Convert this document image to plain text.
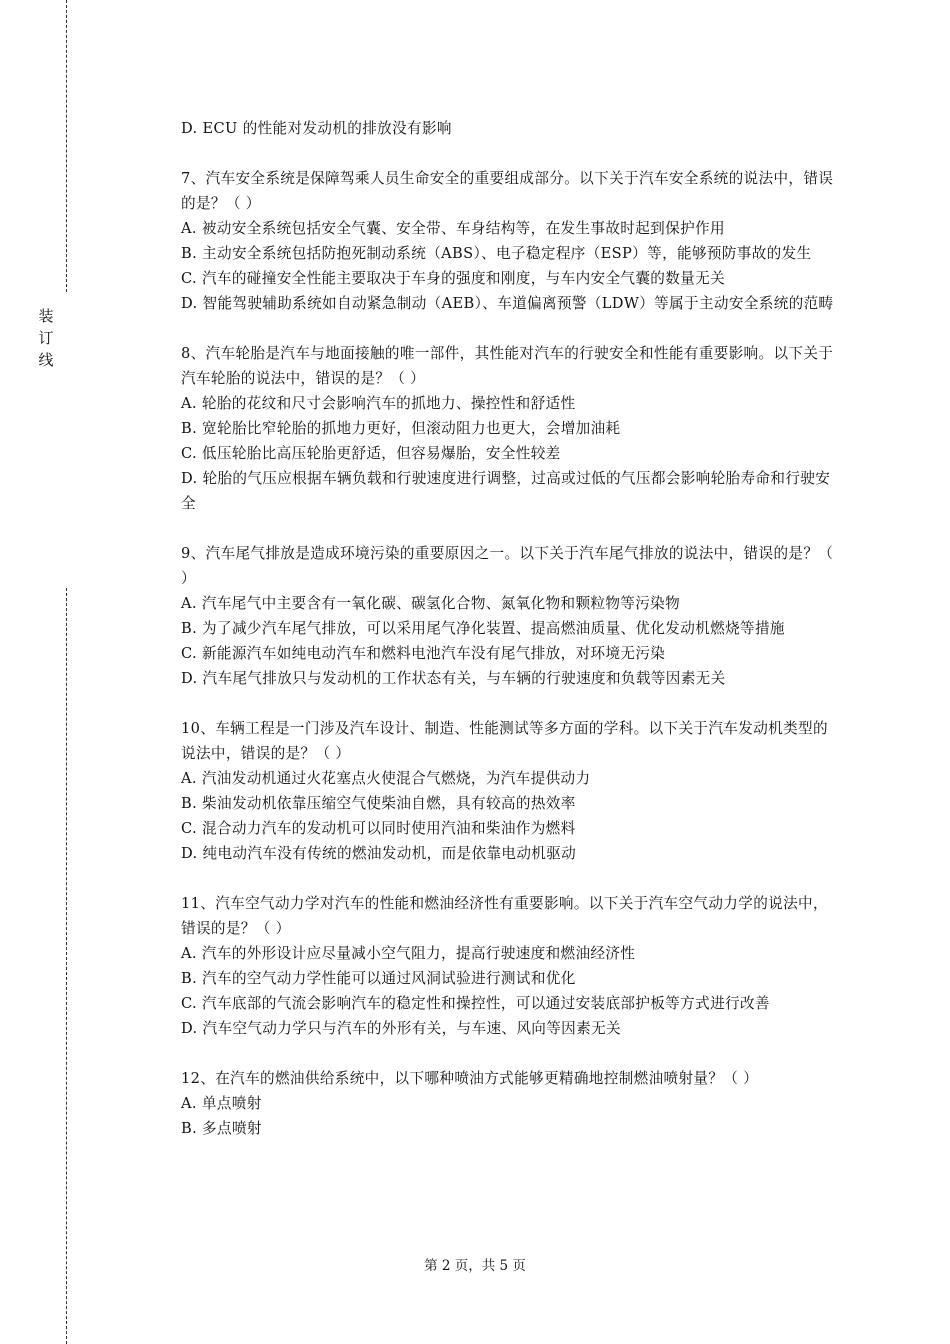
装
订
线
D. ECU 的性能对发动机的排放没有影响
7、汽车安全系统是保障驾乘人员生命安全的重要组成部分。以下关于汽车安全系统的说法中，错误的是？（ ）
A. 被动安全系统包括安全气囊、安全带、车身结构等，在发生事故时起到保护作用
B. 主动安全系统包括防抱死制动系统（ABS）、电子稳定程序（ESP）等，能够预防事故的发生
C. 汽车的碰撞安全性能主要取决于车身的强度和刚度，与车内安全气囊的数量无关
D. 智能驾驶辅助系统如自动紧急制动（AEB）、车道偏离预警（LDW）等属于主动安全系统的范畴
8、汽车轮胎是汽车与地面接触的唯一部件，其性能对汽车的行驶安全和性能有重要影响。以下关于汽车轮胎的说法中，错误的是？（ ）
A. 轮胎的花纹和尺寸会影响汽车的抓地力、操控性和舒适性
B. 宽轮胎比窄轮胎的抓地力更好，但滚动阻力也更大，会增加油耗
C. 低压轮胎比高压轮胎更舒适，但容易爆胎，安全性较差
D. 轮胎的气压应根据车辆负载和行驶速度进行调整，过高或过低的气压都会影响轮胎寿命和行驶安全
9、汽车尾气排放是造成环境污染的重要原因之一。以下关于汽车尾气排放的说法中，错误的是？（ ）
A. 汽车尾气中主要含有一氧化碳、碳氢化合物、氮氧化物和颗粒物等污染物
B. 为了减少汽车尾气排放，可以采用尾气净化装置、提高燃油质量、优化发动机燃烧等措施
C. 新能源汽车如纯电动汽车和燃料电池汽车没有尾气排放，对环境无污染
D. 汽车尾气排放只与发动机的工作状态有关，与车辆的行驶速度和负载等因素无关
10、车辆工程是一门涉及汽车设计、制造、性能测试等多方面的学科。以下关于汽车发动机类型的说法中，错误的是？（ ）
A. 汽油发动机通过火花塞点火使混合气燃烧，为汽车提供动力
B. 柴油发动机依靠压缩空气使柴油自燃，具有较高的热效率
C. 混合动力汽车的发动机可以同时使用汽油和柴油作为燃料
D. 纯电动汽车没有传统的燃油发动机，而是依靠电动机驱动
11、汽车空气动力学对汽车的性能和燃油经济性有重要影响。以下关于汽车空气动力学的说法中，错误的是？（ ）
A. 汽车的外形设计应尽量减小空气阻力，提高行驶速度和燃油经济性
B. 汽车的空气动力学性能可以通过风洞试验进行测试和优化
C. 汽车底部的气流会影响汽车的稳定性和操控性，可以通过安装底部护板等方式进行改善
D. 汽车空气动力学只与汽车的外形有关，与车速、风向等因素无关
12、在汽车的燃油供给系统中，以下哪种喷油方式能够更精确地控制燃油喷射量？（ ）
A. 单点喷射
B. 多点喷射
第 2 页，共 5 页
